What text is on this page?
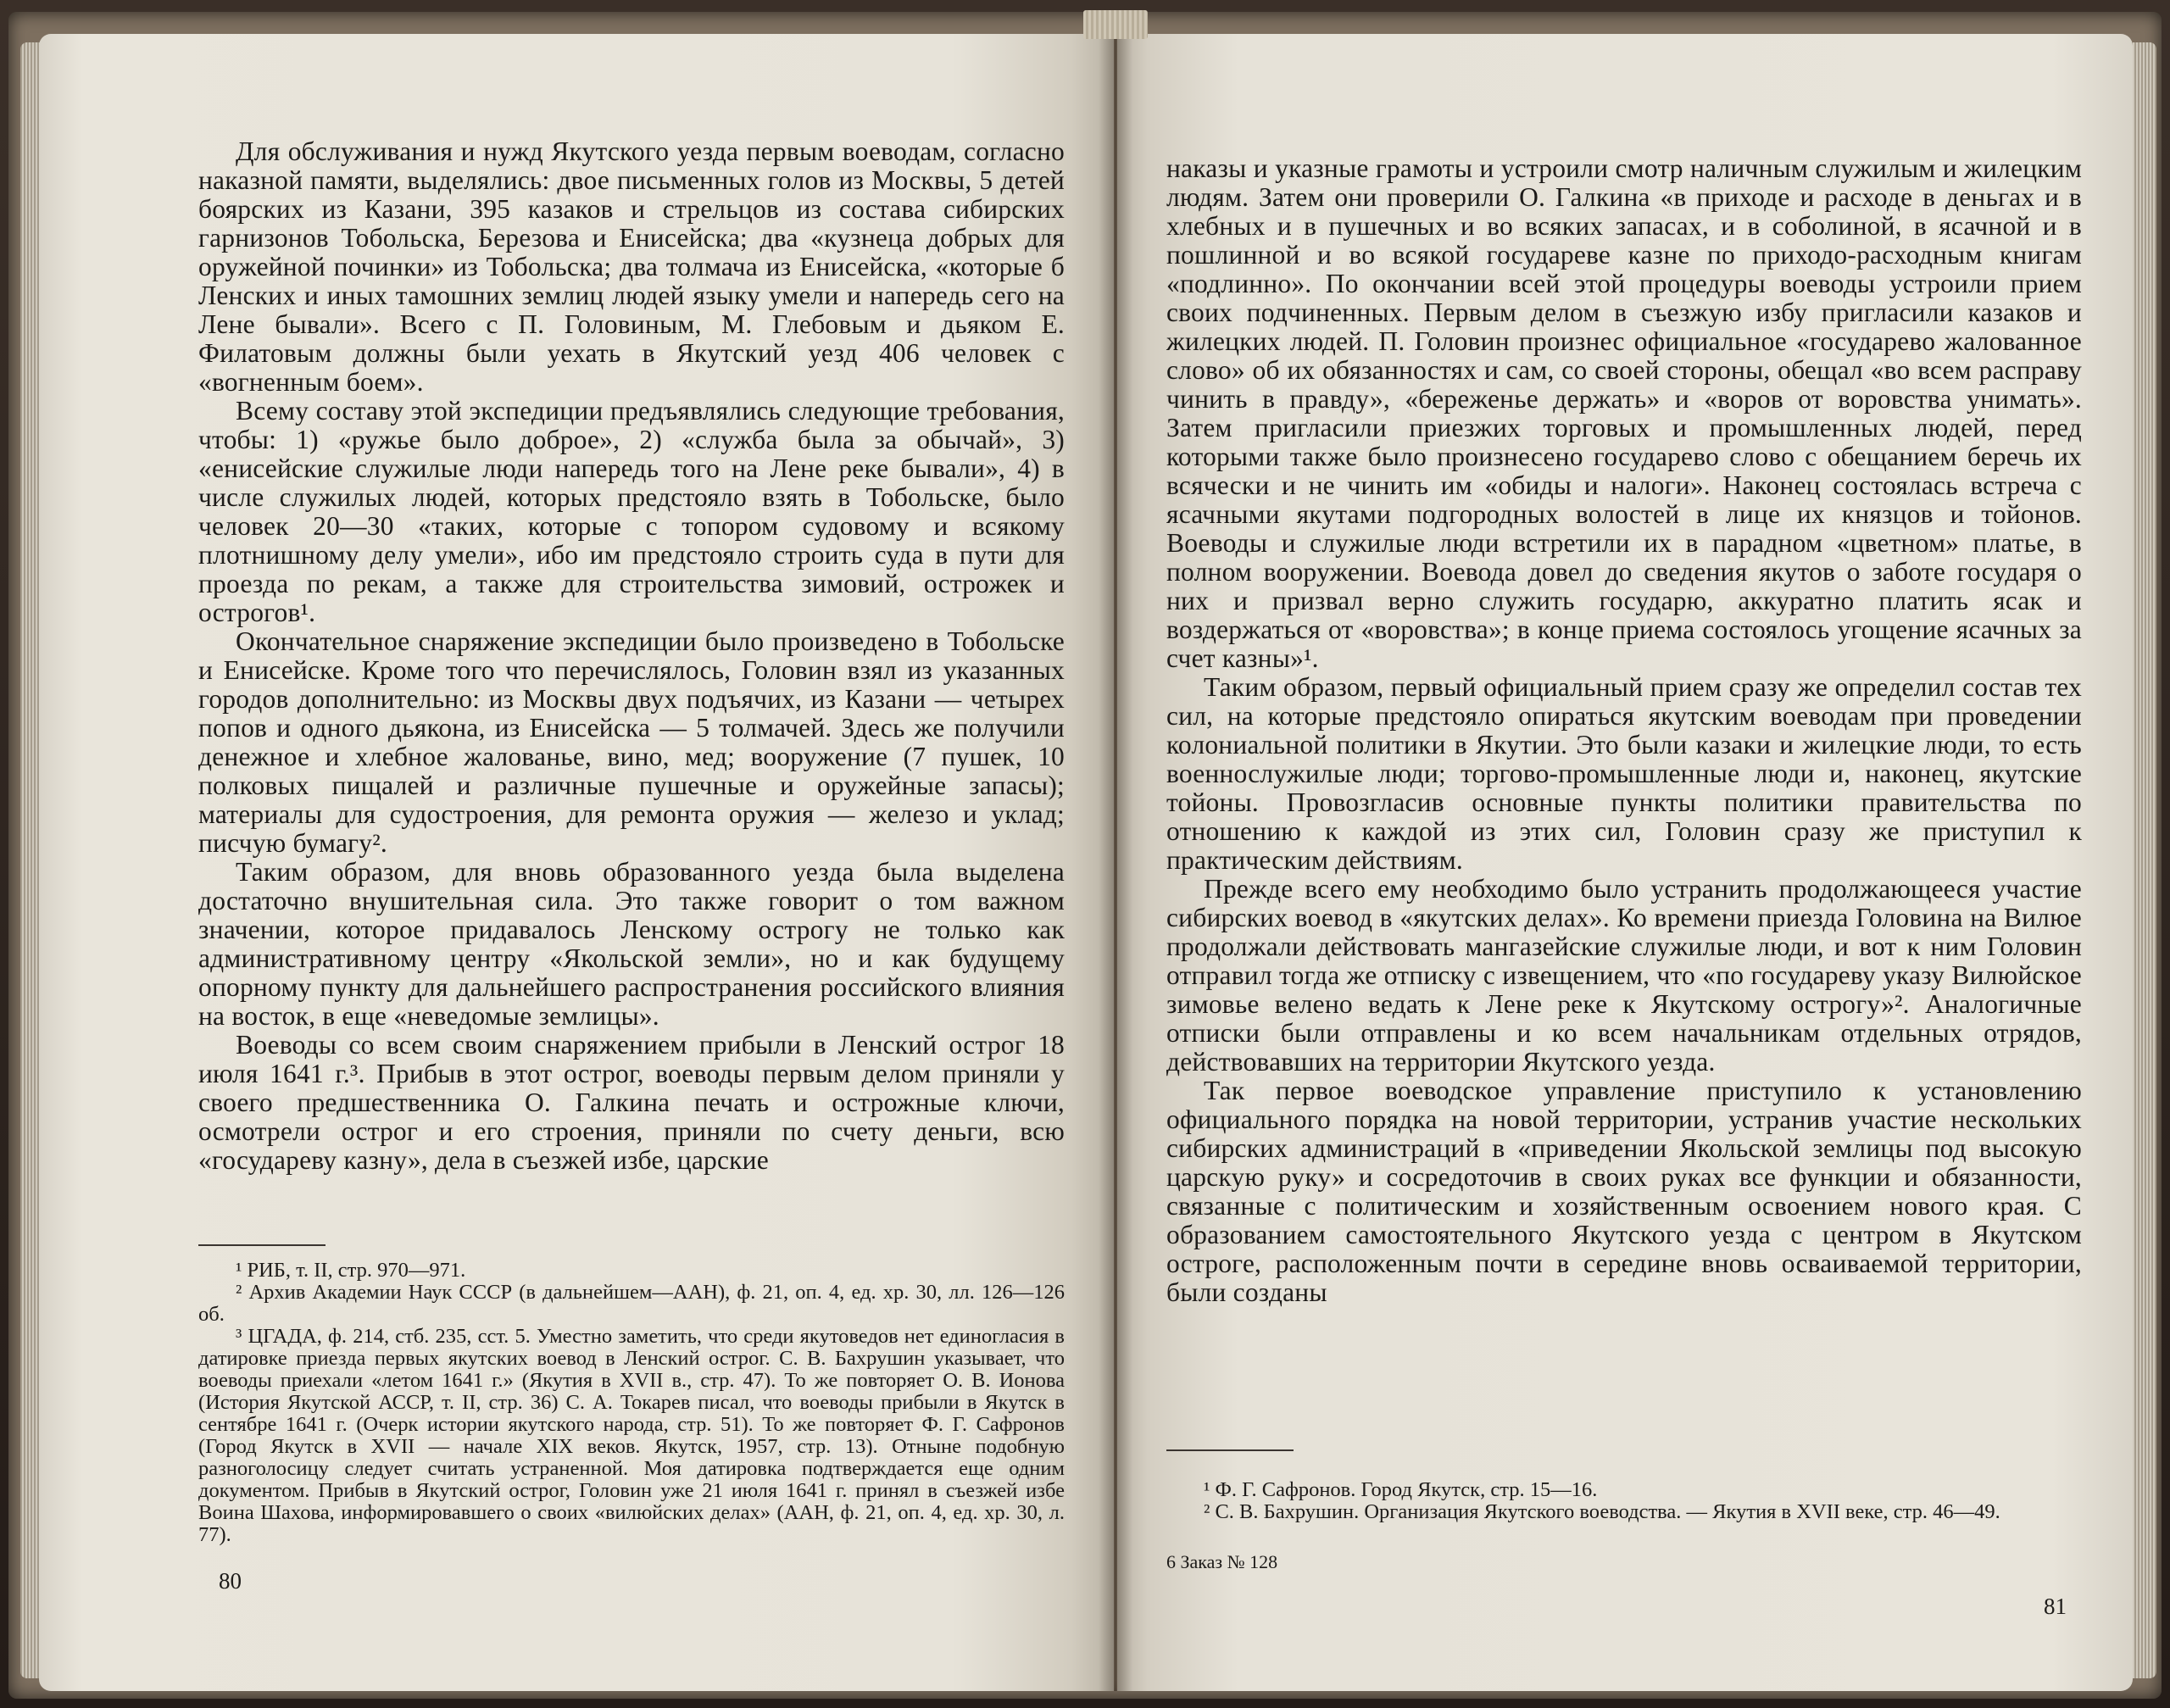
Для обслуживания и нужд Якутского уезда первым воеводам, согласно наказной памяти, выделялись: двое письменных голов из Москвы, 5 детей боярских из Казани, 395 казаков и стрельцов из состава сибирских гарнизонов Тобольска, Березова и Енисейска; два «кузнеца добрых для оружейной починки» из Тобольска; два толмача из Енисейска, «которые б Ленских и иных тамошних землиц людей языку умели и напередь сего на Лене бывали». Всего с П. Головиным, М. Глебовым и дьяком Е. Филатовым должны были уехать в Якутский уезд 406 человек с «вогненным боем».

Всему составу этой экспедиции предъявлялись следующие требования, чтобы: 1) «ружье было доброе», 2) «служба была за обычай», 3) «енисейские служилые люди напередь того на Лене реке бывали», 4) в числе служилых людей, которых предстояло взять в Тобольске, было человек 20—30 «таких, которые с топором судовому и всякому плотнишному делу умели», ибо им предстояло строить суда в пути для проезда по рекам, а также для строительства зимовий, острожек и острогов¹.

Окончательное снаряжение экспедиции было произведено в Тобольске и Енисейске. Кроме того что перечислялось, Головин взял из указанных городов дополнительно: из Москвы двух подъячих, из Казани — четырех попов и одного дьякона, из Енисейска — 5 толмачей. Здесь же получили денежное и хлебное жалованье, вино, мед; вооружение (7 пушек, 10 полковых пищалей и различные пушечные и оружейные запасы); материалы для судостроения, для ремонта оружия — железо и уклад; писчую бумагу².

Таким образом, для вновь образованного уезда была выделена достаточно внушительная сила. Это также говорит о том важном значении, которое придавалось Ленскому острогу не только как административному центру «Якольской земли», но и как будущему опорному пункту для дальнейшего распространения российского влияния на восток, в еще «неведомые землицы».

Воеводы со всем своим снаряжением прибыли в Ленский острог 18 июля 1641 г.³. Прибыв в этот острог, воеводы первым делом приняли у своего предшественника О. Галкина печать и острожные ключи, осмотрели острог и его строения, приняли по счету деньги, всю «государеву казну», дела в съезжей избе, царские

¹ РИБ, т. II, стр. 970—971.

² Архив Академии Наук СССР (в дальнейшем—ААН), ф. 21, оп. 4, ед. хр. 30, лл. 126—126 об.

³ ЦГАДА, ф. 214, стб. 235, сст. 5. Уместно заметить, что среди якутоведов нет единогласия в датировке приезда первых якутских воевод в Ленский острог. С. В. Бахрушин указывает, что воеводы приехали «летом 1641 г.» (Якутия в XVII в., стр. 47). То же повторяет О. В. Ионова (История Якутской АССР, т. II, стр. 36) С. А. Токарев писал, что воеводы прибыли в Якутск в сентябре 1641 г. (Очерк истории якутского народа, стр. 51). То же повторяет Ф. Г. Сафронов (Город Якутск в XVII — начале XIX веков. Якутск, 1957, стр. 13). Отныне подобную разноголосицу следует считать устраненной. Моя датировка подтверждается еще одним документом. Прибыв в Якутский острог, Головин уже 21 июля 1641 г. принял в съезжей избе Воина Шахова, информировавшего о своих «вилюйских делах» (ААН, ф. 21, оп. 4, ед. хр. 30, л. 77).

80

наказы и указные грамоты и устроили смотр наличным служилым и жилецким людям. Затем они проверили О. Галкина «в приходе и расходе в деньгах и в хлебных и в пушечных и во всяких запасах, и в соболиной, в ясачной и в пошлинной и во всякой государеве казне по приходо-расходным книгам «подлинно». По окончании всей этой процедуры воеводы устроили прием своих подчиненных. Первым делом в съезжую избу пригласили казаков и жилецких людей. П. Головин произнес официальное «государево жалованное слово» об их обязанностях и сам, со своей стороны, обещал «во всем расправу чинить в правду», «береженье держать» и «воров от воровства унимать». Затем пригласили приезжих торговых и промышленных людей, перед которыми также было произнесено государево слово с обещанием беречь их всячески и не чинить им «обиды и налоги». Наконец состоялась встреча с ясачными якутами подгородных волостей в лице их князцов и тойонов. Воеводы и служилые люди встретили их в парадном «цветном» платье, в полном вооружении. Воевода довел до сведения якутов о заботе государя о них и призвал верно служить государю, аккуратно платить ясак и воздержаться от «воровства»; в конце приема состоялось угощение ясачных за счет казны»¹.

Таким образом, первый официальный прием сразу же определил состав тех сил, на которые предстояло опираться якутским воеводам при проведении колониальной политики в Якутии. Это были казаки и жилецкие люди, то есть военнослужилые люди; торгово-промышленные люди и, наконец, якутские тойоны. Провозгласив основные пункты политики правительства по отношению к каждой из этих сил, Головин сразу же приступил к практическим действиям.

Прежде всего ему необходимо было устранить продолжающееся участие сибирских воевод в «якутских делах». Ко времени приезда Головина на Вилюе продолжали действовать мангазейские служилые люди, и вот к ним Головин отправил тогда же отписку с извещением, что «по государеву указу Вилюйское зимовье велено ведать к Лене реке к Якутскому острогу»². Аналогичные отписки были отправлены и ко всем начальникам отдельных отрядов, действовавших на территории Якутского уезда.

Так первое воеводское управление приступило к установлению официального порядка на новой территории, устранив участие нескольких сибирских администраций в «приведении Якольской землицы под высокую царскую руку» и сосредоточив в своих руках все функции и обязанности, связанные с политическим и хозяйственным освоением нового края. С образованием самостоятельного Якутского уезда с центром в Якутском остроге, расположенным почти в середине вновь осваиваемой территории, были созданы

¹ Ф. Г. Сафронов. Город Якутск, стр. 15—16.

² С. В. Бахрушин. Организация Якутского воеводства. — Якутия в XVII веке, стр. 46—49.

6 Заказ № 128
81
